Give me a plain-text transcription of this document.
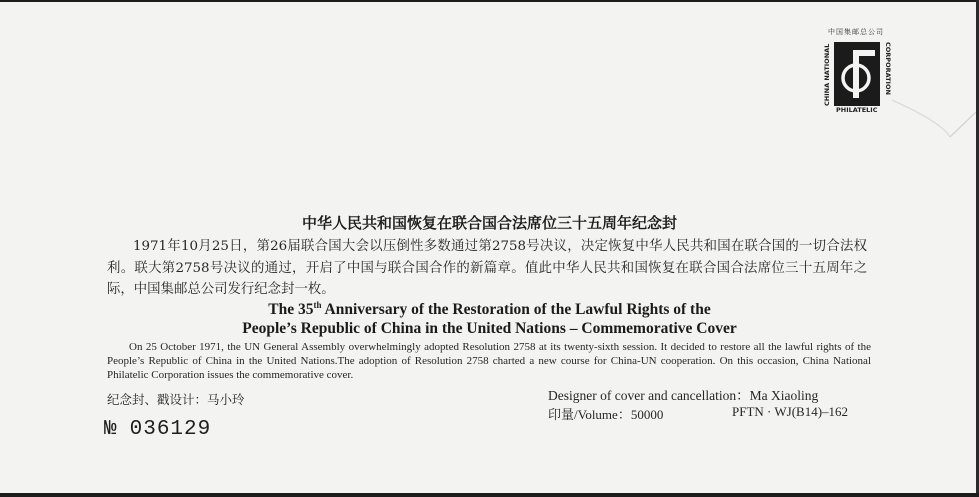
中国集邮总公司
CHINA NATIONAL
PHILATELIC
CORPORATION
中华人民共和国恢复在联合国合法席位三十五周年纪念封
1971年10月25日，第26届联合国大会以压倒性多数通过第2758号决议，决定恢复中华人民共和国在联合国的一切合法权利。联大第2758号决议的通过，开启了中国与联合国合作的新篇章。值此中华人民共和国恢复在联合国合法席位三十五周年之际，中国集邮总公司发行纪念封一枚。
The 35th Anniversary of the Restoration of the Lawful Rights of the
People’s Republic of China in the United Nations – Commemorative Cover
On 25 October 1971, the UN General Assembly overwhelmingly adopted Resolution 2758 at its twenty-sixth session. It decided to restore all the lawful rights of the People’s Republic of China in the United Nations.The adoption of Resolution 2758 charted a new course for China-UN cooperation. On this occasion, China National Philatelic Corporation issues the commemorative cover.
Designer of cover and cancellation：Ma Xiaoling
纪念封、戳设计：马小玲
印量/Volume：50000	PFTN · WJ(B14)–162
№ 036129
